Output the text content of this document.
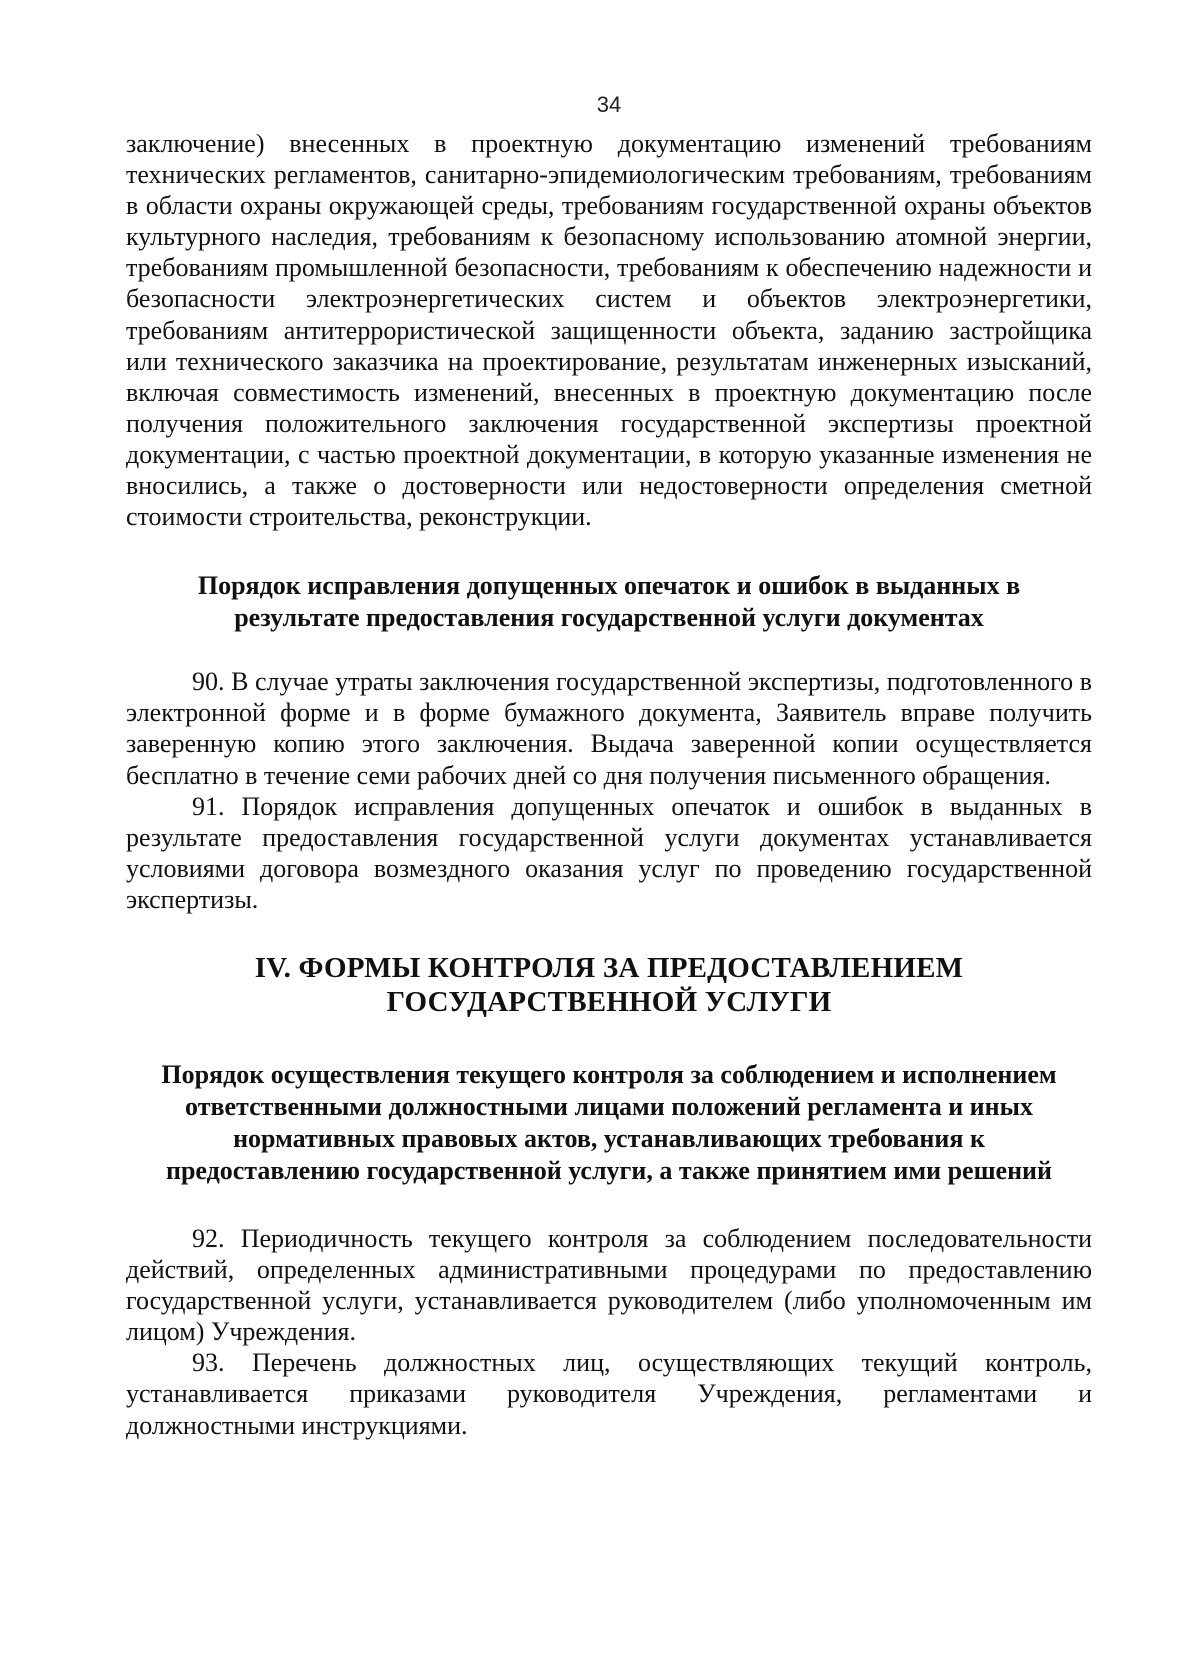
34

заключение) внесенных в проектную документацию изменений требованиям технических регламентов, санитарно-эпидемиологическим требованиям, требованиям в области охраны окружающей среды, требованиям государственной охраны объектов культурного наследия, требованиям к безопасному использованию атомной энергии, требованиям промышленной безопасности, требованиям к обеспечению надежности и безопасности электроэнергетических систем и объектов электроэнергетики, требованиям антитеррористической защищенности объекта, заданию застройщика или технического заказчика на проектирование, результатам инженерных изысканий, включая совместимость изменений, внесенных в проектную документацию после получения положительного заключения государственной экспертизы проектной документации, с частью проектной документации, в которую указанные изменения не вносились, а также о достоверности или недостоверности определения сметной стоимости строительства, реконструкции.

Порядок исправления допущенных опечаток и ошибок в выданных в
результате предоставления государственной услуги документах

90. В случае утраты заключения государственной экспертизы, подготовленного в электронной форме и в форме бумажного документа, Заявитель вправе получить заверенную копию этого заключения. Выдача заверенной копии осуществляется бесплатно в течение семи рабочих дней со дня получения письменного обращения.

91. Порядок исправления допущенных опечаток и ошибок в выданных в результате предоставления государственной услуги документах устанавливается условиями договора возмездного оказания услуг по проведению государственной экспертизы.

IV. ФОРМЫ КОНТРОЛЯ ЗА ПРЕДОСТАВЛЕНИЕМ
ГОСУДАРСТВЕННОЙ УСЛУГИ
Порядок осуществления текущего контроля за соблюдением и исполнением
ответственными должностными лицами положений регламента и иных
нормативных правовых актов, устанавливающих требования к
предоставлению государственной услуги, а также принятием ими решений

92. Периодичность текущего контроля за соблюдением последовательности действий, определенных административными процедурами по предоставлению государственной услуги, устанавливается руководителем (либо уполномоченным им лицом) Учреждения.

93. Перечень должностных лиц, осуществляющих текущий контроль, устанавливается приказами руководителя Учреждения, регламентами и должностными инструкциями.
